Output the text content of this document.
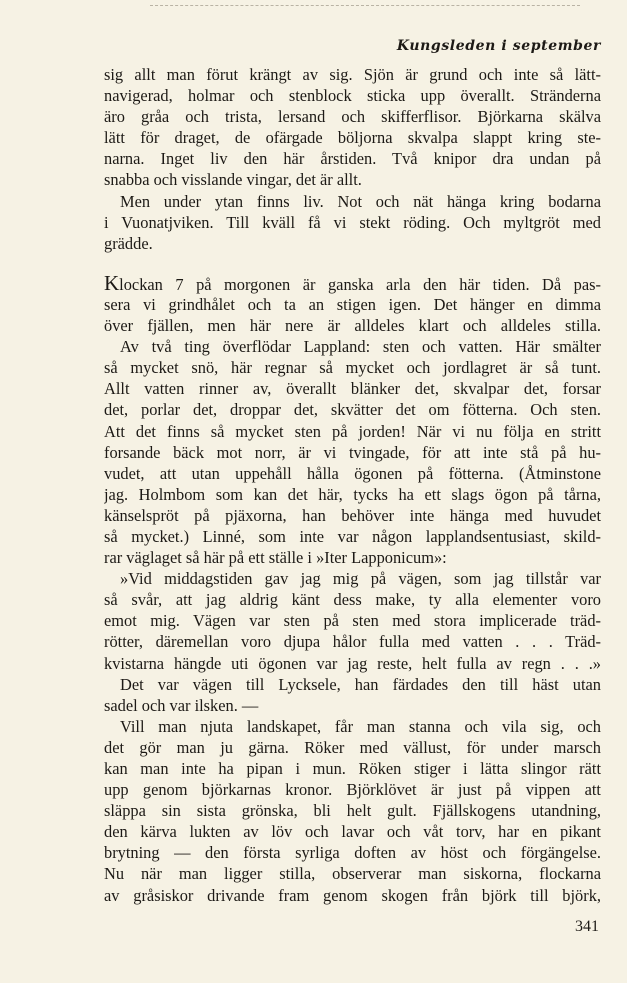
Kungsleden i september
sig allt man förut krängt av sig. Sjön är grund och inte så lätt-
navigerad, holmar och stenblock sticka upp överallt. Stränderna
äro gråa och trista, lersand och skifferflisor. Björkarna skälva
lätt för draget, de ofärgade böljorna skvalpa slappt kring ste-
narna. Inget liv den här årstiden. Två knipor dra undan på
snabba och visslande vingar, det är allt.
Men under ytan finns liv. Not och nät hänga kring bodarna
i Vuonatjviken. Till kväll få vi stekt röding. Och myltgröt med
grädde.
Klockan 7 på morgonen är ganska arla den här tiden. Då pas-
sera vi grindhålet och ta an stigen igen. Det hänger en dimma
över fjällen, men här nere är alldeles klart och alldeles stilla.
Av två ting överflödar Lappland: sten och vatten. Här smälter
så mycket snö, här regnar så mycket och jordlagret är så tunt.
Allt vatten rinner av, överallt blänker det, skvalpar det, forsar
det, porlar det, droppar det, skvätter det om fötterna. Och sten.
Att det finns så mycket sten på jorden! När vi nu följa en stritt
forsande bäck mot norr, är vi tvingade, för att inte stå på hu-
vudet, att utan uppehåll hålla ögonen på fötterna. (Åtminstone
jag. Holmbom som kan det här, tycks ha ett slags ögon på tårna,
känselspröt på pjäxorna, han behöver inte hänga med huvudet
så mycket.) Linné, som inte var någon lapplandsentusiast, skild-
rar väglaget så här på ett ställe i »Iter Lapponicum»:
»Vid middagstiden gav jag mig på vägen, som jag tillstår var
så svår, att jag aldrig känt dess make, ty alla elementer voro
emot mig. Vägen var sten på sten med stora implicerade träd-
rötter, däremellan voro djupa hålor fulla med vatten . . . Träd-
kvistarna hängde uti ögonen var jag reste, helt fulla av regn . . .»
Det var vägen till Lycksele, han färdades den till häst utan
sadel och var ilsken. —
Vill man njuta landskapet, får man stanna och vila sig, och
det gör man ju gärna. Röker med vällust, för under marsch
kan man inte ha pipan i mun. Röken stiger i lätta slingor rätt
upp genom björkarnas kronor. Björklövet är just på vippen att
släppa sin sista grönska, bli helt gult. Fjällskogens utandning,
den kärva lukten av löv och lavar och våt torv, har en pikant
brytning — den första syrliga doften av höst och förgängelse.
Nu när man ligger stilla, observerar man siskorna, flockarna
av gråsiskor drivande fram genom skogen från björk till björk,
341
